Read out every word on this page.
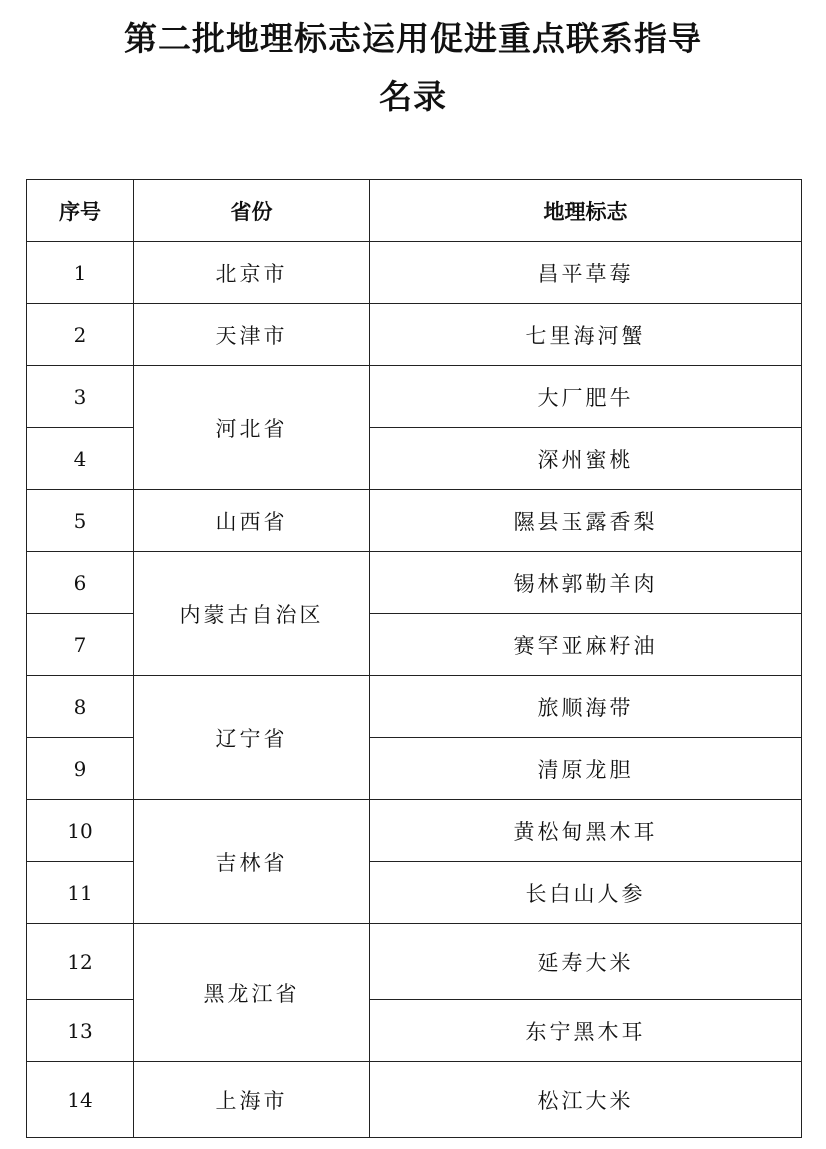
第二批地理标志运用促进重点联系指导
名录
序号	省份	地理标志
1	北京市	昌平草莓
2	天津市	七里海河蟹
3	河北省	大厂肥牛
4		深州蜜桃
5	山西省	隰县玉露香梨
6	内蒙古自治区	锡林郭勒羊肉
7		赛罕亚麻籽油
8	辽宁省	旅顺海带
9		清原龙胆
10	吉林省	黄松甸黑木耳
11		长白山人参
12	黑龙江省	延寿大米
13		东宁黑木耳
14	上海市	松江大米
